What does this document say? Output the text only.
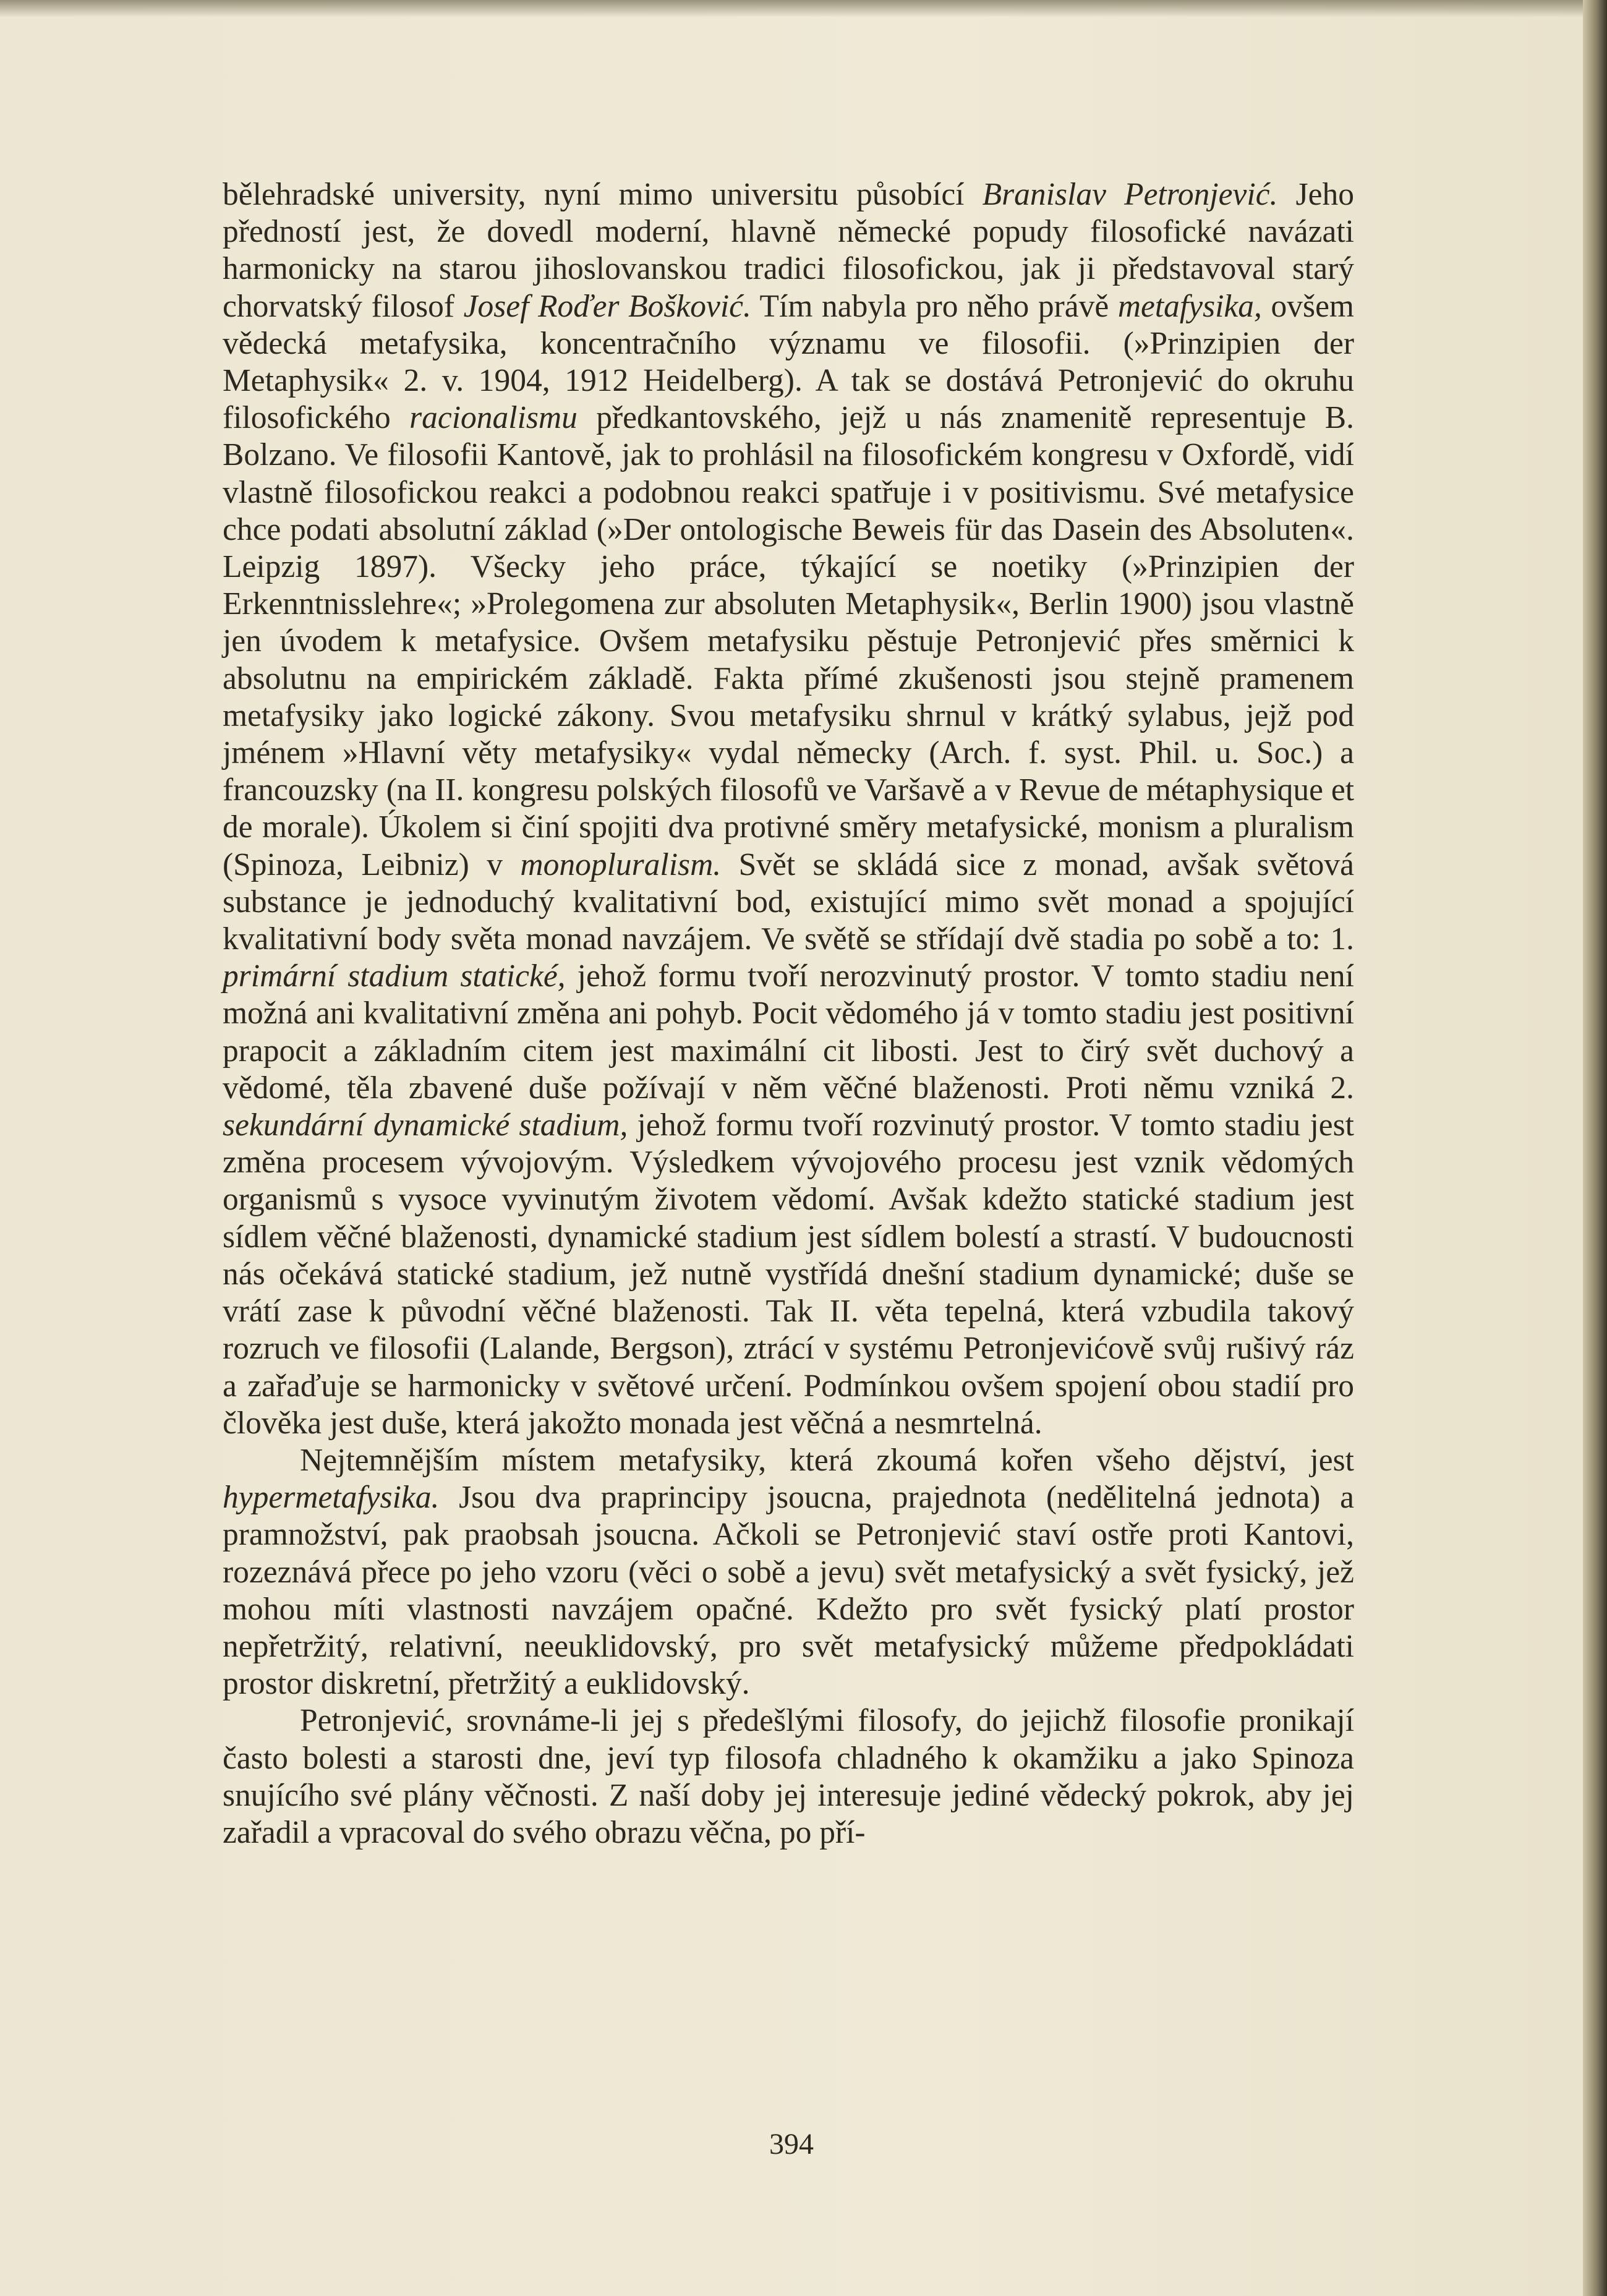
bělehradské university, nyní mimo universitu působící Branislav Petronjević. Jeho předností jest, že dovedl moderní, hlavně německé popudy filosofické navázati harmonicky na starou jihoslovanskou tradici filosofickou, jak ji představoval starý chorvatský filosof Josef Roďer Bošković. Tím nabyla pro něho právě metafysika, ovšem vědecká metafysika, koncentračního významu ve filosofii. (»Prinzipien der Metaphysik« 2. v. 1904, 1912 Heidelberg). A tak se dostává Petronjević do okruhu filosofického racionalismu předkantovského, jejž u nás znamenitě representuje B. Bolzano. Ve filosofii Kantově, jak to prohlásil na filosofickém kongresu v Oxfordě, vidí vlastně filosofickou reakci a podobnou reakci spatřuje i v positivismu. Své metafysice chce podati absolutní základ (»Der ontologische Beweis für das Dasein des Absoluten«. Leipzig 1897). Všecky jeho práce, týkající se noetiky (»Prinzipien der Erkenntnisslehre«; »Prolegomena zur absoluten Metaphysik«, Berlin 1900) jsou vlastně jen úvodem k metafysice. Ovšem metafysiku pěstuje Petronjević přes směrnici k absolutnu na empirickém základě. Fakta přímé zkušenosti jsou stejně pramenem metafysiky jako logické zákony. Svou metafysiku shrnul v krátký sylabus, jejž pod jménem »Hlavní věty metafysiky« vydal německy (Arch. f. syst. Phil. u. Soc.) a francouzsky (na II. kongresu polských filosofů ve Varšavě a v Revue de métaphysique et de morale). Úkolem si činí spojiti dva protivné směry metafysické, monism a pluralism (Spinoza, Leibniz) v monopluralism. Svět se skládá sice z monad, avšak světová substance je jednoduchý kvalitativní bod, existující mimo svět monad a spojující kvalitativní body světa monad navzájem. Ve světě se střídají dvě stadia po sobě a to: 1. primární stadium statické, jehož formu tvoří nerozvinutý prostor. V tomto stadiu není možná ani kvalitativní změna ani pohyb. Pocit vědomého já v tomto stadiu jest positivní prapocit a základním citem jest maximální cit libosti. Jest to čirý svět duchový a vědomé, těla zbavené duše požívají v něm věčné blaženosti. Proti němu vzniká 2. sekundární dynamické stadium, jehož formu tvoří rozvinutý prostor. V tomto stadiu jest změna procesem vývojovým. Výsledkem vývojového procesu jest vznik vědomých organismů s vysoce vyvinutým životem vědomí. Avšak kdežto statické stadium jest sídlem věčné blaženosti, dynamické stadium jest sídlem bolestí a strastí. V budoucnosti nás očekává statické stadium, jež nutně vystřídá dnešní stadium dynamické; duše se vrátí zase k původní věčné blaženosti. Tak II. věta tepelná, která vzbudila takový rozruch ve filosofii (Lalande, Bergson), ztrácí v systému Petronjevićově svůj rušivý ráz a zařaďuje se harmonicky v světové určení. Podmínkou ovšem spojení obou stadií pro člověka jest duše, která jakožto monada jest věčná a nesmrtelná.

Nejtemnějším místem metafysiky, která zkoumá kořen všeho dějství, jest hypermetafysika. Jsou dva praprincipy jsoucna, prajednota (nedělitelná jednota) a pramnožství, pak praobsah jsoucna. Ačkoli se Petronjević staví ostře proti Kantovi, rozeznává přece po jeho vzoru (věci o sobě a jevu) svět metafysický a svět fysický, jež mohou míti vlastnosti navzájem opačné. Kdežto pro svět fysický platí prostor nepřetržitý, relativní, neeuklidovský, pro svět metafysický můžeme předpokládati prostor diskretní, přetržitý a euklidovský.

Petronjević, srovnáme-li jej s předešlými filosofy, do jejichž filosofie pronikají často bolesti a starosti dne, jeví typ filosofa chladného k okamžiku a jako Spinoza snujícího své plány věčnosti. Z naší doby jej interesuje jediné vědecký pokrok, aby jej zařadil a vpracoval do svého obrazu věčna, po pří-

394
